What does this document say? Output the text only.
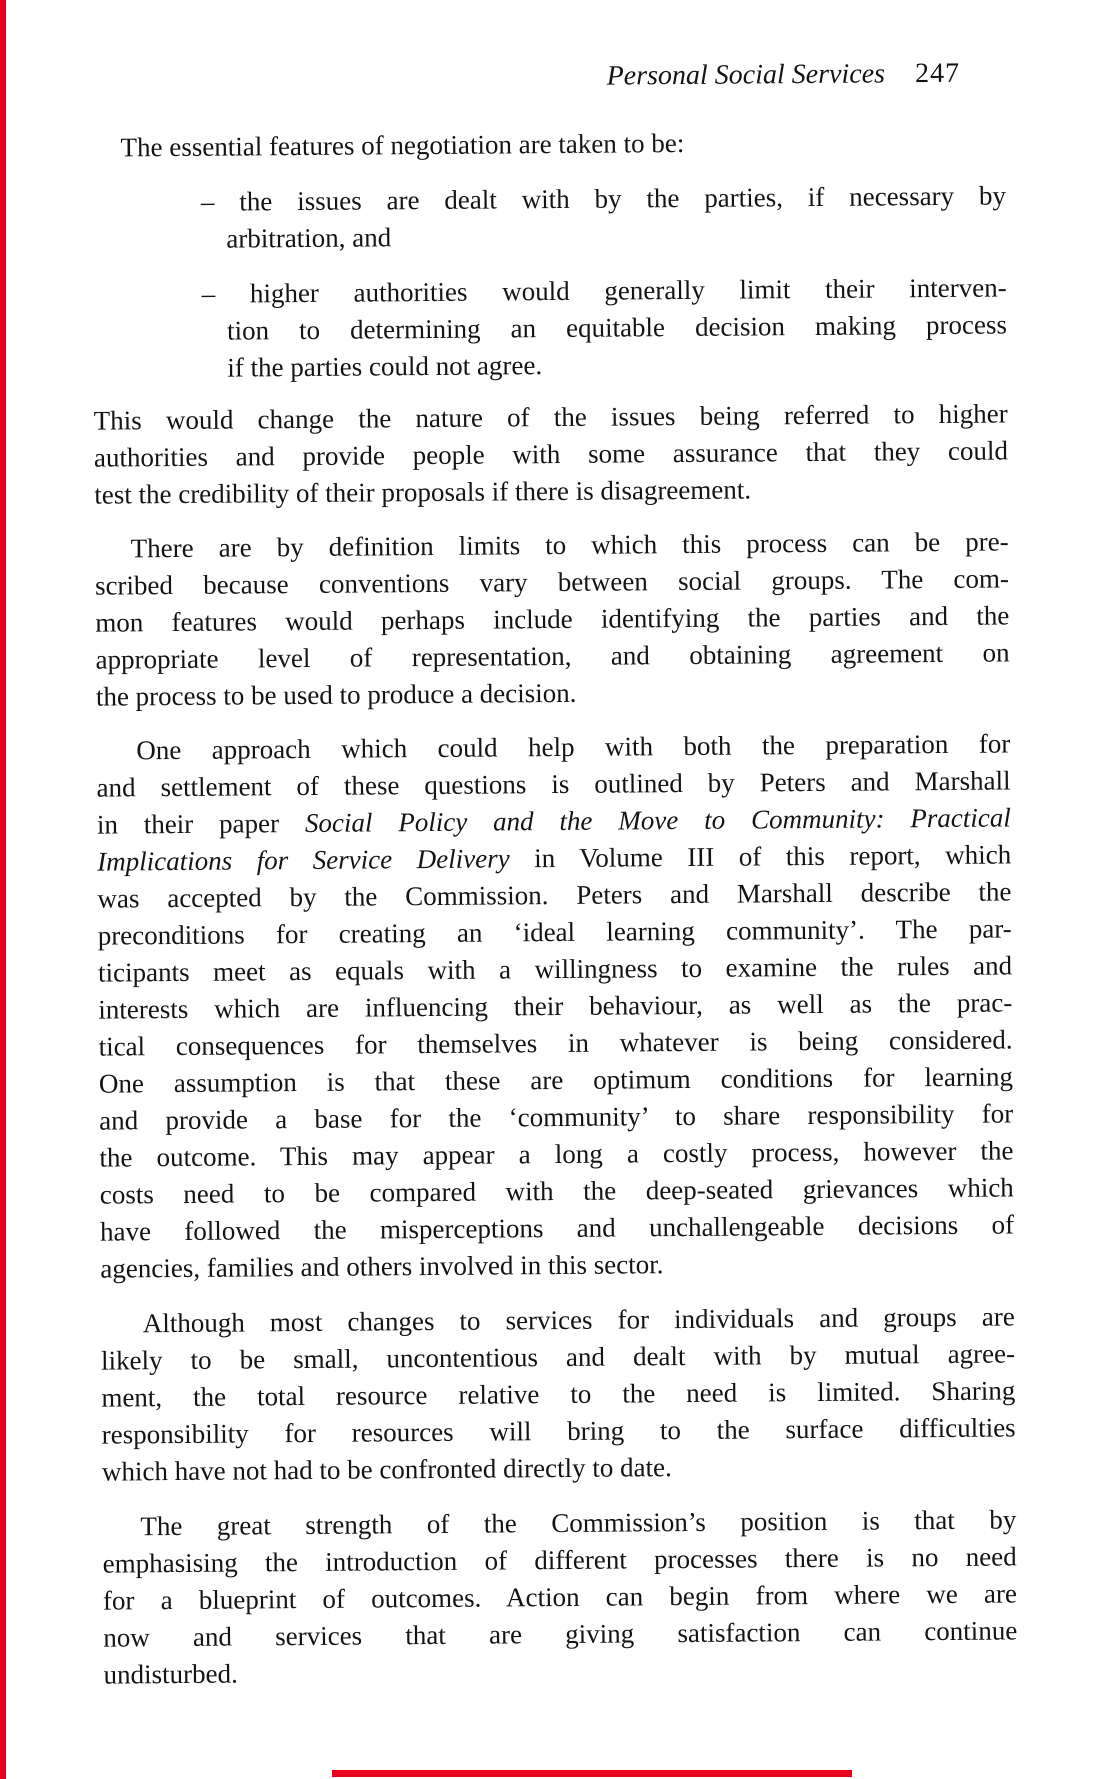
Personal Social Services 247
The essential features of negotiation are taken to be:
– the issues are dealt with by the parties, if necessary by
arbitration, and
– higher authorities would generally limit their interven-
tion to determining an equitable decision making process
if the parties could not agree.
This would change the nature of the issues being referred to higher
authorities and provide people with some assurance that they could
test the credibility of their proposals if there is disagreement.
There are by definition limits to which this process can be pre-
scribed because conventions vary between social groups. The com-
mon features would perhaps include identifying the parties and the
appropriate level of representation, and obtaining agreement on
the process to be used to produce a decision.
One approach which could help with both the preparation for
and settlement of these questions is outlined by Peters and Marshall
in their paper Social Policy and the Move to Community: Practical
Implications for Service Delivery in Volume III of this report, which
was accepted by the Commission. Peters and Marshall describe the
preconditions for creating an ‘ideal learning community’. The par-
ticipants meet as equals with a willingness to examine the rules and
interests which are influencing their behaviour, as well as the prac-
tical consequences for themselves in whatever is being considered.
One assumption is that these are optimum conditions for learning
and provide a base for the ‘community’ to share responsibility for
the outcome. This may appear a long a costly process, however the
costs need to be compared with the deep-seated grievances which
have followed the misperceptions and unchallengeable decisions of
agencies, families and others involved in this sector.
Although most changes to services for individuals and groups are
likely to be small, uncontentious and dealt with by mutual agree-
ment, the total resource relative to the need is limited. Sharing
responsibility for resources will bring to the surface difficulties
which have not had to be confronted directly to date.
The great strength of the Commission’s position is that by
emphasising the introduction of different processes there is no need
for a blueprint of outcomes. Action can begin from where we are
now and services that are giving satisfaction can continue
undisturbed.
